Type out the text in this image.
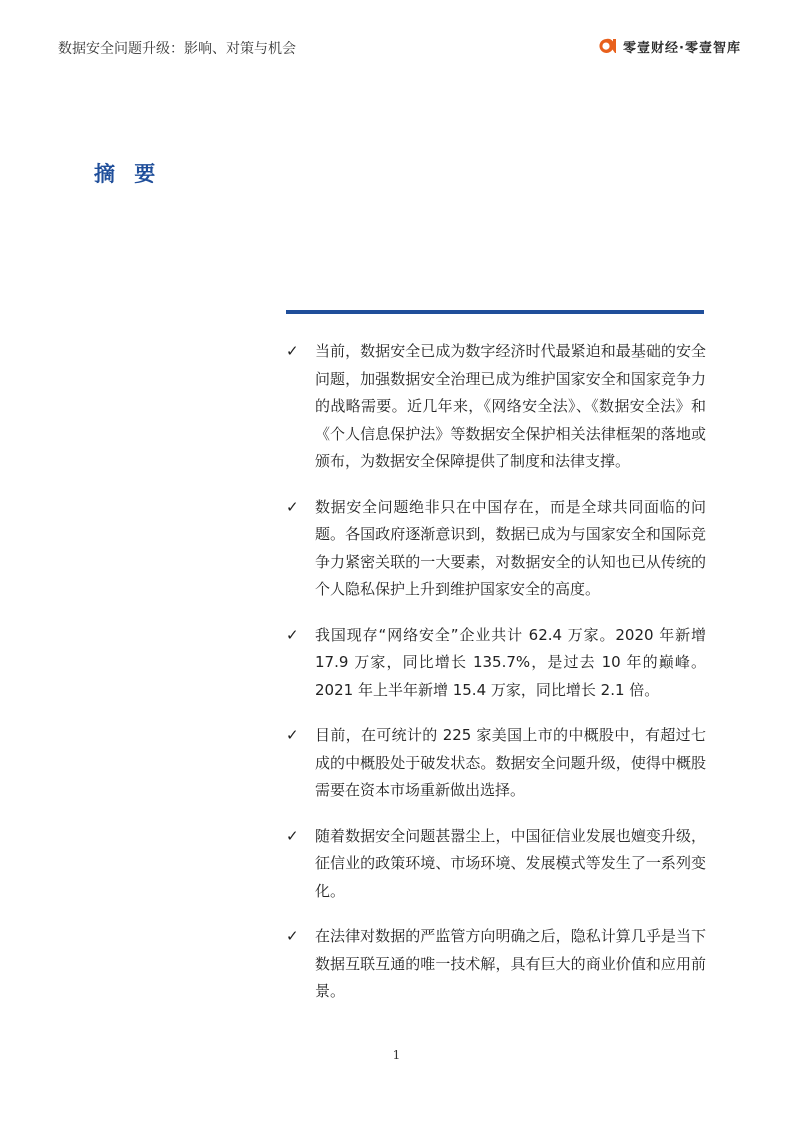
数据安全问题升级：影响、对策与机会	零壹财经·零壹智库
摘 要
✓ 当前，数据安全已成为数字经济时代最紧迫和最基础的安全问题，加强数据安全治理已成为维护国家安全和国家竞争力的战略需要。近几年来，《网络安全法》、《数据安全法》和《个人信息保护法》等数据安全保护相关法律框架的落地或颁布，为数据安全保障提供了制度和法律支撑。
✓ 数据安全问题绝非只在中国存在，而是全球共同面临的问题。各国政府逐渐意识到，数据已成为与国家安全和国际竞争力紧密关联的一大要素，对数据安全的认知也已从传统的个人隐私保护上升到维护国家安全的高度。
✓ 我国现存“网络安全”企业共计 62.4 万家。2020 年新增 17.9 万家，同比增长 135.7%，是过去 10 年的巅峰。2021 年上半年新增 15.4 万家，同比增长 2.1 倍。
✓ 目前，在可统计的 225 家美国上市的中概股中，有超过七成的中概股处于破发状态。数据安全问题升级，使得中概股需要在资本市场重新做出选择。
✓ 随着数据安全问题甚嚣尘上，中国征信业发展也嬗变升级，征信业的政策环境、市场环境、发展模式等发生了一系列变化。
✓ 在法律对数据的严监管方向明确之后，隐私计算几乎是当下数据互联互通的唯一技术解，具有巨大的商业价值和应用前景。
1
